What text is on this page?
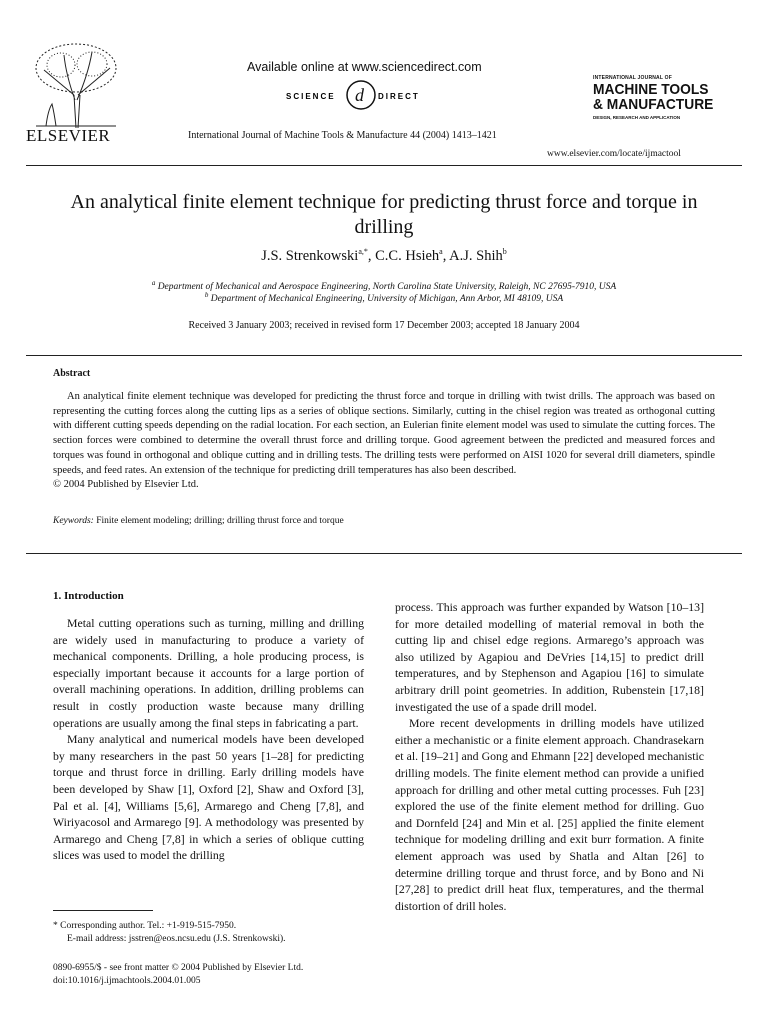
ELSEVIER
Available online at www.sciencedirect.com
SCIENCE d DIRECT
International Journal of Machine Tools & Manufacture 44 (2004) 1413–1421
INTERNATIONAL JOURNAL OF
MACHINE TOOLS
& MANUFACTURE
DESIGN, RESEARCH AND APPLICATION
www.elsevier.com/locate/ijmactool
An analytical finite element technique for predicting thrust force and torque in drilling
J.S. Strenkowski$^{a,*}$, C.C. Hsieh$^a$, A.J. Shih$^b$
$^a$ Department of Mechanical and Aerospace Engineering, North Carolina State University, Raleigh, NC 27695-7910, USA
$^b$ Department of Mechanical Engineering, University of Michigan, Ann Arbor, MI 48109, USA
Received 3 January 2003; received in revised form 17 December 2003; accepted 18 January 2004
Abstract
An analytical finite element technique was developed for predicting the thrust force and torque in drilling with twist drills. The approach was based on representing the cutting forces along the cutting lips as a series of oblique sections. Similarly, cutting in the chisel region was treated as orthogonal cutting with different cutting speeds depending on the radial location. For each section, an Eulerian finite element model was used to simulate the cutting forces. The section forces were combined to determine the overall thrust force and drilling torque. Good agreement between the predicted and measured forces and torques was found in orthogonal and oblique cutting and in drilling tests. The drilling tests were performed on AISI 1020 for several drill diameters, spindle speeds, and feed rates. An extension of the technique for predicting drill temperatures has also been described.
© 2004 Published by Elsevier Ltd.
Keywords: Finite element modeling; drilling; drilling thrust force and torque
1. Introduction

Metal cutting operations such as turning, milling and drilling are widely used in manufacturing to produce a variety of mechanical components. Drilling, a hole producing process, is especially important because it accounts for a large portion of overall machining operations. In addition, drilling problems can result in costly production waste because many drilling operations are usually among the final steps in fabricating a part.

Many analytical and numerical models have been developed by many researchers in the past 50 years [1–28] for predicting torque and thrust force in drilling. Early drilling models have been developed by Shaw [1], Oxford [2], Shaw and Oxford [3], Pal et al. [4], Williams [5,6], Armarego and Cheng [7,8], and Wiriyacosol and Armarego [9]. A methodology was presented by Armarego and Cheng [7,8] in which a series of oblique cutting slices was used to model the drilling

process. This approach was further expanded by Watson [10–13] for more detailed modelling of material removal in both the cutting lip and chisel edge regions. Armarego’s approach was also utilized by Agapiou and DeVries [14,15] to predict drill temperatures, and by Stephenson and Agapiou [16] to simulate arbitrary drill point geometries. In addition, Rubenstein [17,18] investigated the use of a spade drill model.

More recent developments in drilling models have utilized either a mechanistic or a finite element approach. Chandrasekarn et al. [19–21] and Gong and Ehmann [22] developed mechanistic drilling models. The finite element method can provide a unified approach for drilling and other metal cutting processes. Fuh [23] explored the use of the finite element method for drilling. Guo and Dornfeld [24] and Min et al. [25] applied the finite element technique for modeling drilling and exit burr formation. A finite element approach was used by Shatla and Altan [26] to determine drilling torque and thrust force, and by Bono and Ni [27,28] to predict drill heat flux, temperatures, and the thermal distortion of drill holes.

* Corresponding author. Tel.: +1-919-515-7950.
E-mail address: jsstren@eos.ncsu.edu (J.S. Strenkowski).
0890-6955/$ - see front matter © 2004 Published by Elsevier Ltd.
doi:10.1016/j.ijmachtools.2004.01.005
